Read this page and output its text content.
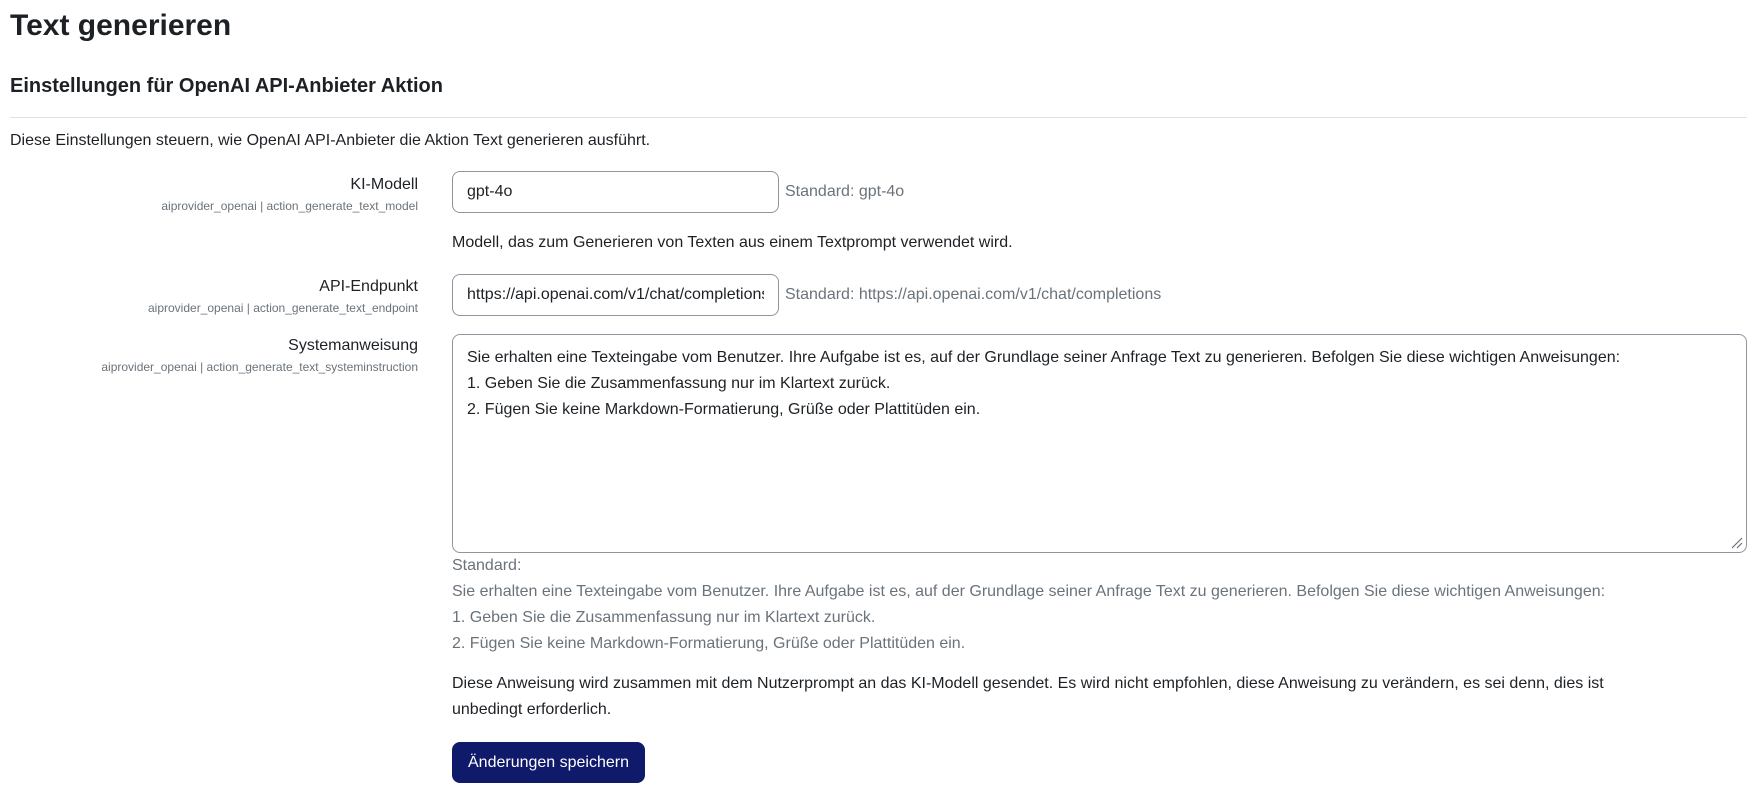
Text generieren
Einstellungen für OpenAI API-Anbieter Aktion
Diese Einstellungen steuern, wie OpenAI API-Anbieter die Aktion Text generieren ausführt.
KI-Modell
aiprovider_openai | action_generate_text_model
gpt-4o
Standard: gpt-4o
Modell, das zum Generieren von Texten aus einem Textprompt verwendet wird.
API-Endpunkt
aiprovider_openai | action_generate_text_endpoint
https://api.openai.com/v1/chat/completions
Standard: https://api.openai.com/v1/chat/completions
Systemanweisung
aiprovider_openai | action_generate_text_systeminstruction
Sie erhalten eine Texteingabe vom Benutzer. Ihre Aufgabe ist es, auf der Grundlage seiner Anfrage Text zu generieren. Befolgen Sie diese wichtigen Anweisungen:
1. Geben Sie die Zusammenfassung nur im Klartext zurück.
2. Fügen Sie keine Markdown-Formatierung, Grüße oder Plattitüden ein.
Standard:
Sie erhalten eine Texteingabe vom Benutzer. Ihre Aufgabe ist es, auf der Grundlage seiner Anfrage Text zu generieren. Befolgen Sie diese wichtigen Anweisungen:
1. Geben Sie die Zusammenfassung nur im Klartext zurück.
2. Fügen Sie keine Markdown-Formatierung, Grüße oder Plattitüden ein.
Diese Anweisung wird zusammen mit dem Nutzerprompt an das KI-Modell gesendet. Es wird nicht empfohlen, diese Anweisung zu verändern, es sei denn, dies ist
unbedingt erforderlich.
Änderungen speichern
